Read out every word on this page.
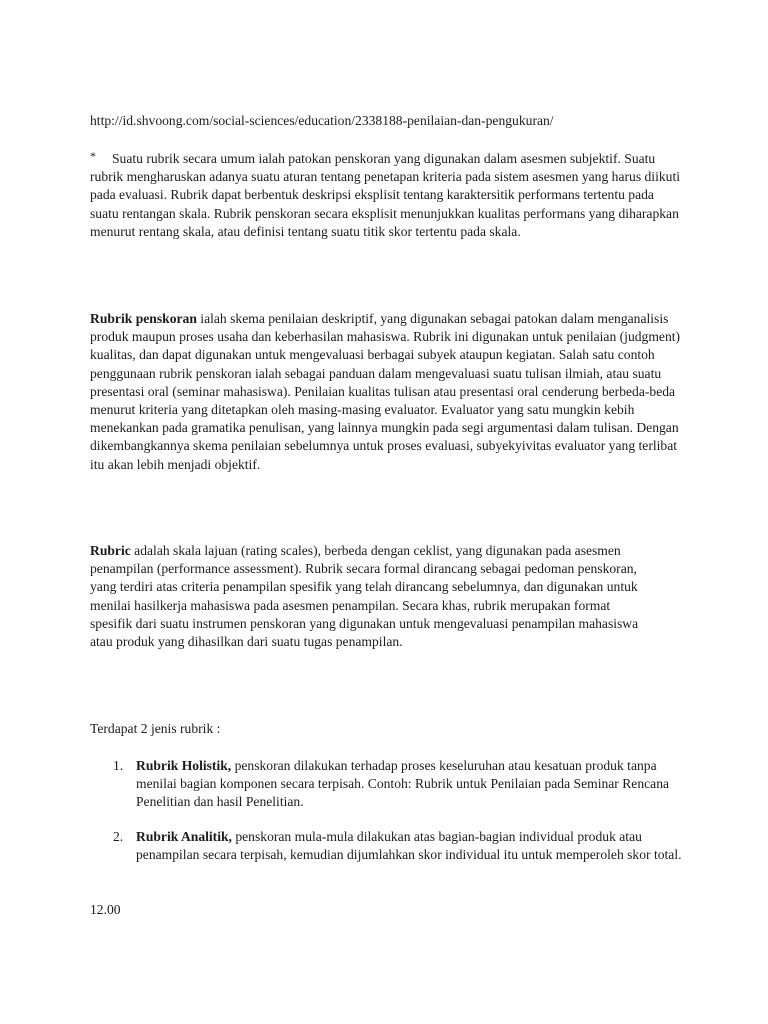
http://id.shvoong.com/social-sciences/education/2338188-penilaian-dan-pengukuran/

* Suatu rubrik secara umum ialah patokan penskoran yang digunakan dalam asesmen subjektif. Suatu rubrik mengharuskan adanya suatu aturan tentang penetapan kriteria pada sistem asesmen yang harus diikuti pada evaluasi. Rubrik dapat berbentuk deskripsi eksplisit tentang karaktersitik performans tertentu pada suatu rentangan skala. Rubrik penskoran secara eksplisit menunjukkan kualitas performans yang diharapkan menurut rentang skala, atau definisi tentang suatu titik skor tertentu pada skala.

Rubrik penskoran ialah skema penilaian deskriptif, yang digunakan sebagai patokan dalam menganalisis produk maupun proses usaha dan keberhasilan mahasiswa. Rubrik ini digunakan untuk penilaian (judgment) kualitas, dan dapat digunakan untuk mengevaluasi berbagai subyek ataupun kegiatan. Salah satu contoh penggunaan rubrik penskoran ialah sebagai panduan dalam mengevaluasi suatu tulisan ilmiah, atau suatu presentasi oral (seminar mahasiswa). Penilaian kualitas tulisan atau presentasi oral cenderung berbeda-beda menurut kriteria yang ditetapkan oleh masing-masing evaluator. Evaluator yang satu mungkin kebih menekankan pada gramatika penulisan, yang lainnya mungkin pada segi argumentasi dalam tulisan. Dengan dikembangkannya skema penilaian sebelumnya untuk proses evaluasi, subyekyivitas evaluator yang terlibat itu akan lebih menjadi objektif.

Rubric adalah skala lajuan (rating scales), berbeda dengan ceklist, yang digunakan pada asesmen penampilan (performance assessment). Rubrik secara formal dirancang sebagai pedoman penskoran, yang terdiri atas criteria penampilan spesifik yang telah dirancang sebelumnya, dan digunakan untuk menilai hasilkerja mahasiswa pada asesmen penampilan. Secara khas, rubrik merupakan format spesifik dari suatu instrumen penskoran yang digunakan untuk mengevaluasi penampilan mahasiswa atau produk yang dihasilkan dari suatu tugas penampilan.

Terdapat 2 jenis rubrik :

1. Rubrik Holistik, penskoran dilakukan terhadap proses keseluruhan atau kesatuan produk tanpa menilai bagian komponen secara terpisah. Contoh: Rubrik untuk Penilaian pada Seminar Rencana Penelitian dan hasil Penelitian.
2. Rubrik Analitik, penskoran mula-mula dilakukan atas bagian-bagian individual produk atau penampilan secara terpisah, kemudian dijumlahkan skor individual itu untuk memperoleh skor total.

12.00
